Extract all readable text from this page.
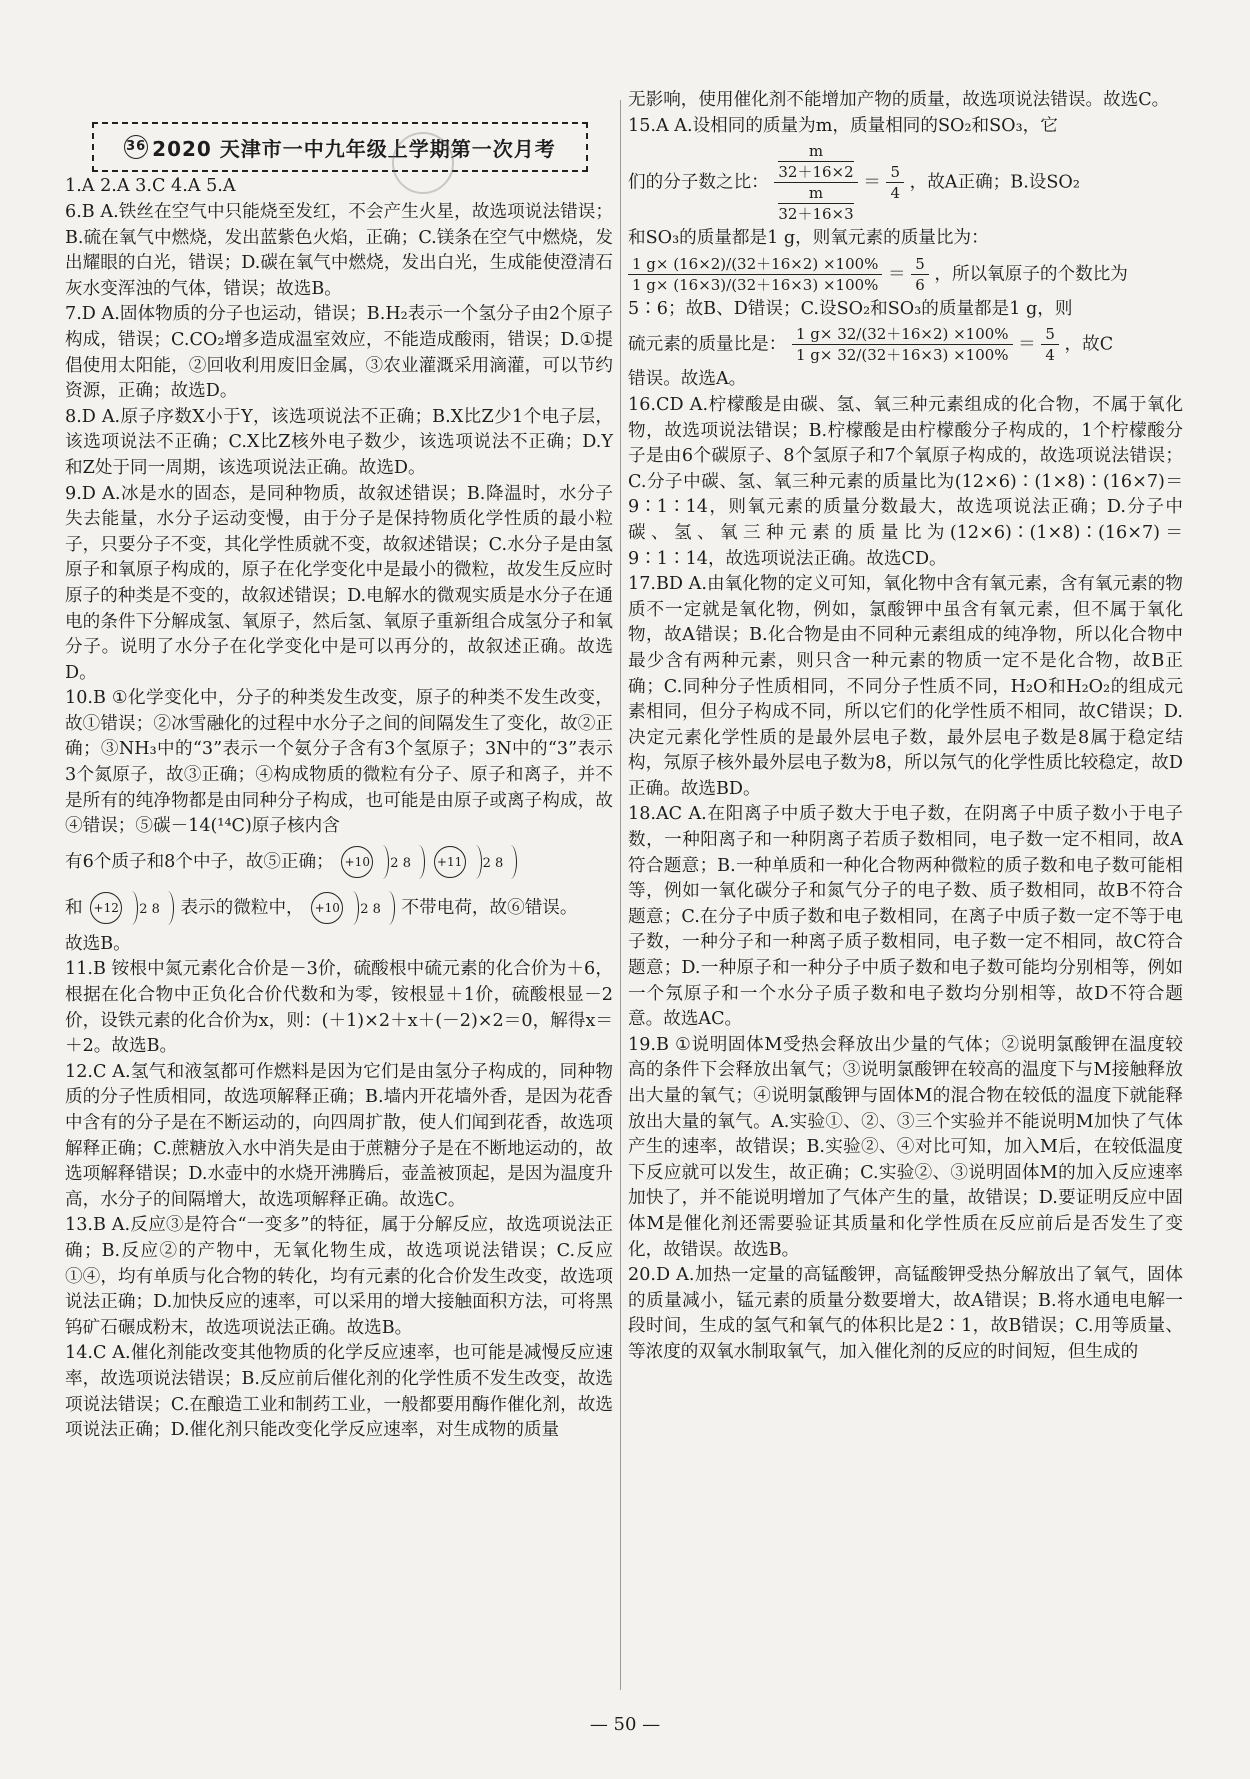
36 2020 天津市一中九年级上学期第一次月考
1.A 2.A 3.C 4.A 5.A
6.B A.铁丝在空气中只能烧至发红，不会产生火星，故选项说法错误；B.硫在氧气中燃烧，发出蓝紫色火焰，正确；C.镁条在空气中燃烧，发出耀眼的白光，错误；D.碳在氧气中燃烧，发出白光，生成能使澄清石灰水变浑浊的气体，错误；故选B。
7.D A.固体物质的分子也运动，错误；B.H₂表示一个氢分子由2个原子构成，错误；C.CO₂增多造成温室效应，不能造成酸雨，错误；D.①提倡使用太阳能，②回收利用废旧金属，③农业灌溉采用滴灌，可以节约资源，正确；故选D。
8.D A.原子序数X小于Y，该选项说法不正确；B.X比Z少1个电子层，该选项说法不正确；C.X比Z核外电子数少，该选项说法不正确；D.Y和Z处于同一周期，该选项说法正确。故选D。
9.D A.冰是水的固态，是同种物质，故叙述错误；B.降温时，水分子失去能量，水分子运动变慢，由于分子是保持物质化学性质的最小粒子，只要分子不变，其化学性质就不变，故叙述错误；C.水分子是由氢原子和氧原子构成的，原子在化学变化中是最小的微粒，故发生反应时原子的种类是不变的，故叙述错误；D.电解水的微观实质是水分子在通电的条件下分解成氢、氧原子，然后氢、氧原子重新组合成氢分子和氧分子。说明了水分子在化学变化中是可以再分的，故叙述正确。故选D。
10.B ①化学变化中，分子的种类发生改变，原子的种类不发生改变，故①错误；②冰雪融化的过程中水分子之间的间隔发生了变化，故②正确；③NH₃中的“3”表示一个氨分子含有3个氢原子；3N中的“3”表示3个氮原子，故③正确；④构成物质的微粒有分子、原子和离子，并不是所有的纯净物都是由同种分子构成，也可能是由原子或离子构成，故④错误；⑤碳－14(¹⁴C)原子核内含
有6个质子和8个中子，故⑤正确； +10 2 8 +11 2 8
和 +12 2 8 表示的微粒中， +10 2 8 不带电荷，故⑥错误。
故选B。
11.B 铵根中氮元素化合价是－3价，硫酸根中硫元素的化合价为＋6，根据在化合物中正负化合价代数和为零，铵根显＋1价，硫酸根显－2价，设铁元素的化合价为x，则：(＋1)×2＋x＋(－2)×2＝0，解得x＝＋2。故选B。
12.C A.氢气和液氢都可作燃料是因为它们是由氢分子构成的，同种物质的分子性质相同，故选项解释正确；B.墙内开花墙外香，是因为花香中含有的分子是在不断运动的，向四周扩散，使人们闻到花香，故选项解释正确；C.蔗糖放入水中消失是由于蔗糖分子是在不断地运动的，故选项解释错误；D.水壶中的水烧开沸腾后，壶盖被顶起，是因为温度升高，水分子的间隔增大，故选项解释正确。故选C。
13.B A.反应③是符合“一变多”的特征，属于分解反应，故选项说法正确；B.反应②的产物中，无氧化物生成，故选项说法错误；C.反应①④，均有单质与化合物的转化，均有元素的化合价发生改变，故选项说法正确；D.加快反应的速率，可以采用的增大接触面积方法，可将黑钨矿石碾成粉末，故选项说法正确。故选B。
14.C A.催化剂能改变其他物质的化学反应速率，也可能是减慢反应速率，故选项说法错误；B.反应前后催化剂的化学性质不发生改变，故选项说法错误；C.在酿造工业和制药工业，一般都要用酶作催化剂，故选项说法正确；D.催化剂只能改变化学反应速率，对生成物的质量
无影响，使用催化剂不能增加产物的质量，故选项说法错误。故选C。
15.A A.设相同的质量为m，质量相同的SO₂和SO₃，它
们的分子数之比： m
32＋16×2
m
$32+16\times 3 = \frac{5}{4}$ ，故A正确；B.设SO₂
和SO₃的质量都是1 g，则氧元素的质量比为：
$\frac{1 g\times (16\times 2)/(32+16\times 2) \times 100\%}{1 g\times (16\times 3)/(32+16\times 3) \times 100\%} = \frac{5}{6}$ ，所以氧原子的个数比为
5∶6；故B、D错误；C.设SO₂和SO₃的质量都是1 g，则
硫元素的质量比是： $\frac{1 g\times 32/(32+16\times 2) \times 100\%}{1 g\times 32/(32+16\times 3) \times 100\%} = \frac{5}{4}$ ，故C
错误。故选A。
16.CD A.柠檬酸是由碳、氢、氧三种元素组成的化合物，不属于氧化物，故选项说法错误；B.柠檬酸是由柠檬酸分子构成的，1个柠檬酸分子是由6个碳原子、8个氢原子和7个氧原子构成的，故选项说法错误；C.分子中碳、氢、氧三种元素的质量比为(12×6)∶(1×8)∶(16×7)＝9∶1∶14，则氧元素的质量分数最大，故选项说法正确；D.分子中碳、氢、氧三种元素的质量比为(12×6)∶(1×8)∶(16×7)＝9∶1∶14，故选项说法正确。故选CD。
17.BD A.由氧化物的定义可知，氧化物中含有氧元素，含有氧元素的物质不一定就是氧化物，例如，氯酸钾中虽含有氧元素，但不属于氧化物，故A错误；B.化合物是由不同种元素组成的纯净物，所以化合物中最少含有两种元素，则只含一种元素的物质一定不是化合物，故B正确；C.同种分子性质相同，不同分子性质不同，H₂O和H₂O₂的组成元素相同，但分子构成不同，所以它们的化学性质不相同，故C错误；D.决定元素化学性质的是最外层电子数，最外层电子数是8属于稳定结构，氖原子核外最外层电子数为8，所以氖气的化学性质比较稳定，故D正确。故选BD。
18.AC A.在阳离子中质子数大于电子数，在阴离子中质子数小于电子数，一种阳离子和一种阴离子若质子数相同，电子数一定不相同，故A符合题意；B.一种单质和一种化合物两种微粒的质子数和电子数可能相等，例如一氧化碳分子和氮气分子的电子数、质子数相同，故B不符合题意；C.在分子中质子数和电子数相同，在离子中质子数一定不等于电子数，一种分子和一种离子质子数相同，电子数一定不相同，故C符合题意；D.一种原子和一种分子中质子数和电子数可能均分别相等，例如一个氖原子和一个水分子质子数和电子数均分别相等，故D不符合题意。故选AC。
19.B ①说明固体M受热会释放出少量的气体；②说明氯酸钾在温度较高的条件下会释放出氧气；③说明氯酸钾在较高的温度下与M接触释放出大量的氧气；④说明氯酸钾与固体M的混合物在较低的温度下就能释放出大量的氧气。A.实验①、②、③三个实验并不能说明M加快了气体产生的速率，故错误；B.实验②、④对比可知，加入M后，在较低温度下反应就可以发生，故正确；C.实验②、③说明固体M的加入反应速率加快了，并不能说明增加了气体产生的量，故错误；D.要证明反应中固体M是催化剂还需要验证其质量和化学性质在反应前后是否发生了变化，故错误。故选B。
20.D A.加热一定量的高锰酸钾，高锰酸钾受热分解放出了氧气，固体的质量减小，锰元素的质量分数要增大，故A错误；B.将水通电电解一段时间，生成的氢气和氧气的体积比是2∶1，故B错误；C.用等质量、等浓度的双氧水制取氧气，加入催化剂的反应的时间短，但生成的
— 50 —
